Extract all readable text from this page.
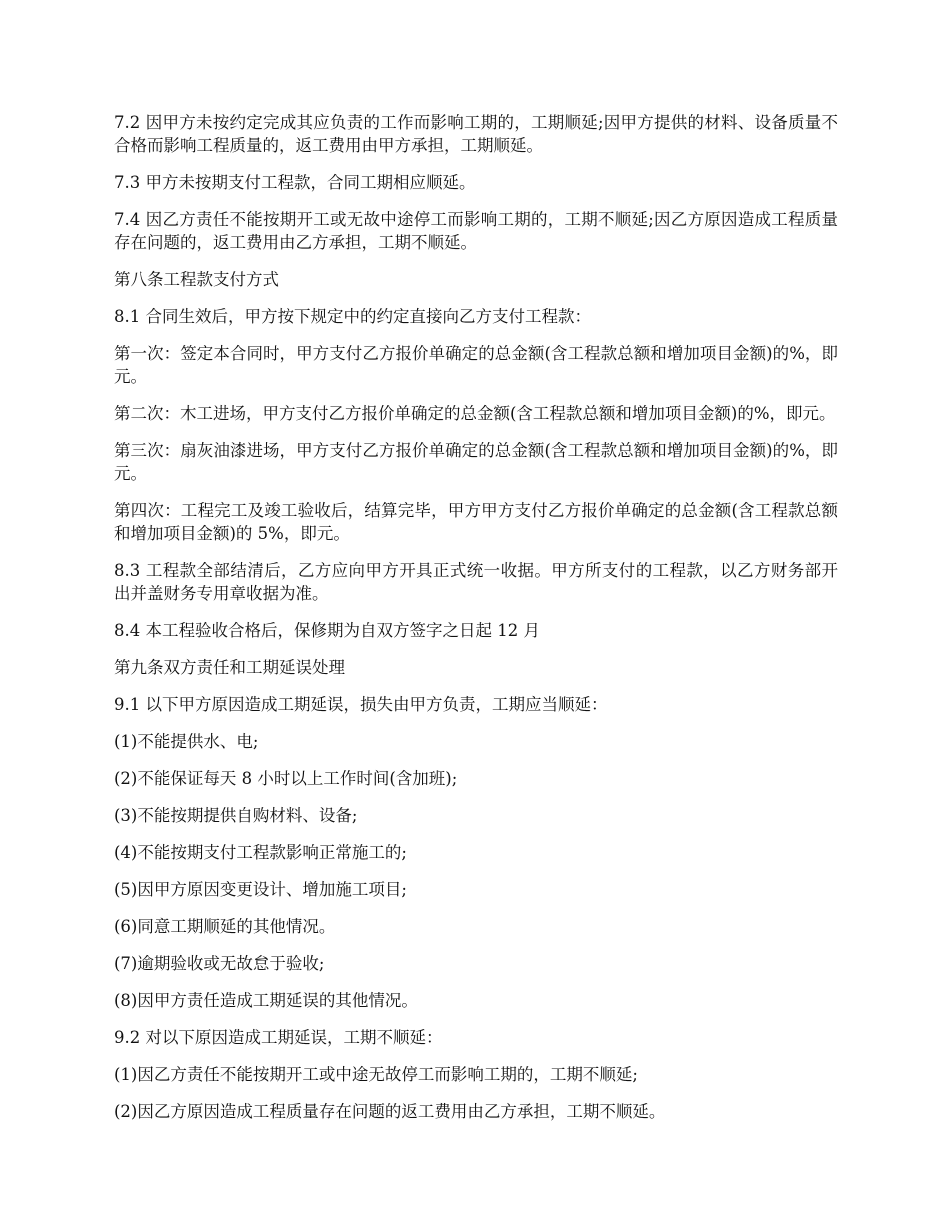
7.2 因甲方未按约定完成其应负责的工作而影响工期的，工期顺延;因甲方提供的材料、设备质量不合格而影响工程质量的，返工费用由甲方承担，工期顺延。

7.3 甲方未按期支付工程款，合同工期相应顺延。

7.4 因乙方责任不能按期开工或无故中途停工而影响工期的，工期不顺延;因乙方原因造成工程质量存在问题的，返工费用由乙方承担，工期不顺延。

第八条工程款支付方式

8.1 合同生效后，甲方按下规定中的约定直接向乙方支付工程款：

第一次：签定本合同时，甲方支付乙方报价单确定的总金额(含工程款总额和增加项目金额)的%，即元。

第二次：木工进场，甲方支付乙方报价单确定的总金额(含工程款总额和增加项目金额)的%，即元。

第三次：扇灰油漆进场，甲方支付乙方报价单确定的总金额(含工程款总额和增加项目金额)的%，即元。

第四次：工程完工及竣工验收后，结算完毕，甲方甲方支付乙方报价单确定的总金额(含工程款总额和增加项目金额)的 5%，即元。

8.3 工程款全部结清后，乙方应向甲方开具正式统一收据。甲方所支付的工程款，以乙方财务部开出并盖财务专用章收据为准。

8.4 本工程验收合格后，保修期为自双方签字之日起 12 月

第九条双方责任和工期延误处理

9.1 以下甲方原因造成工期延误，损失由甲方负责，工期应当顺延：

(1)不能提供水、电;

(2)不能保证每天 8 小时以上工作时间(含加班);

(3)不能按期提供自购材料、设备;

(4)不能按期支付工程款影响正常施工的;

(5)因甲方原因变更设计、增加施工项目;

(6)同意工期顺延的其他情况。

(7)逾期验收或无故怠于验收;

(8)因甲方责任造成工期延误的其他情况。

9.2 对以下原因造成工期延误，工期不顺延：

(1)因乙方责任不能按期开工或中途无故停工而影响工期的，工期不顺延;

(2)因乙方原因造成工程质量存在问题的返工费用由乙方承担，工期不顺延。
